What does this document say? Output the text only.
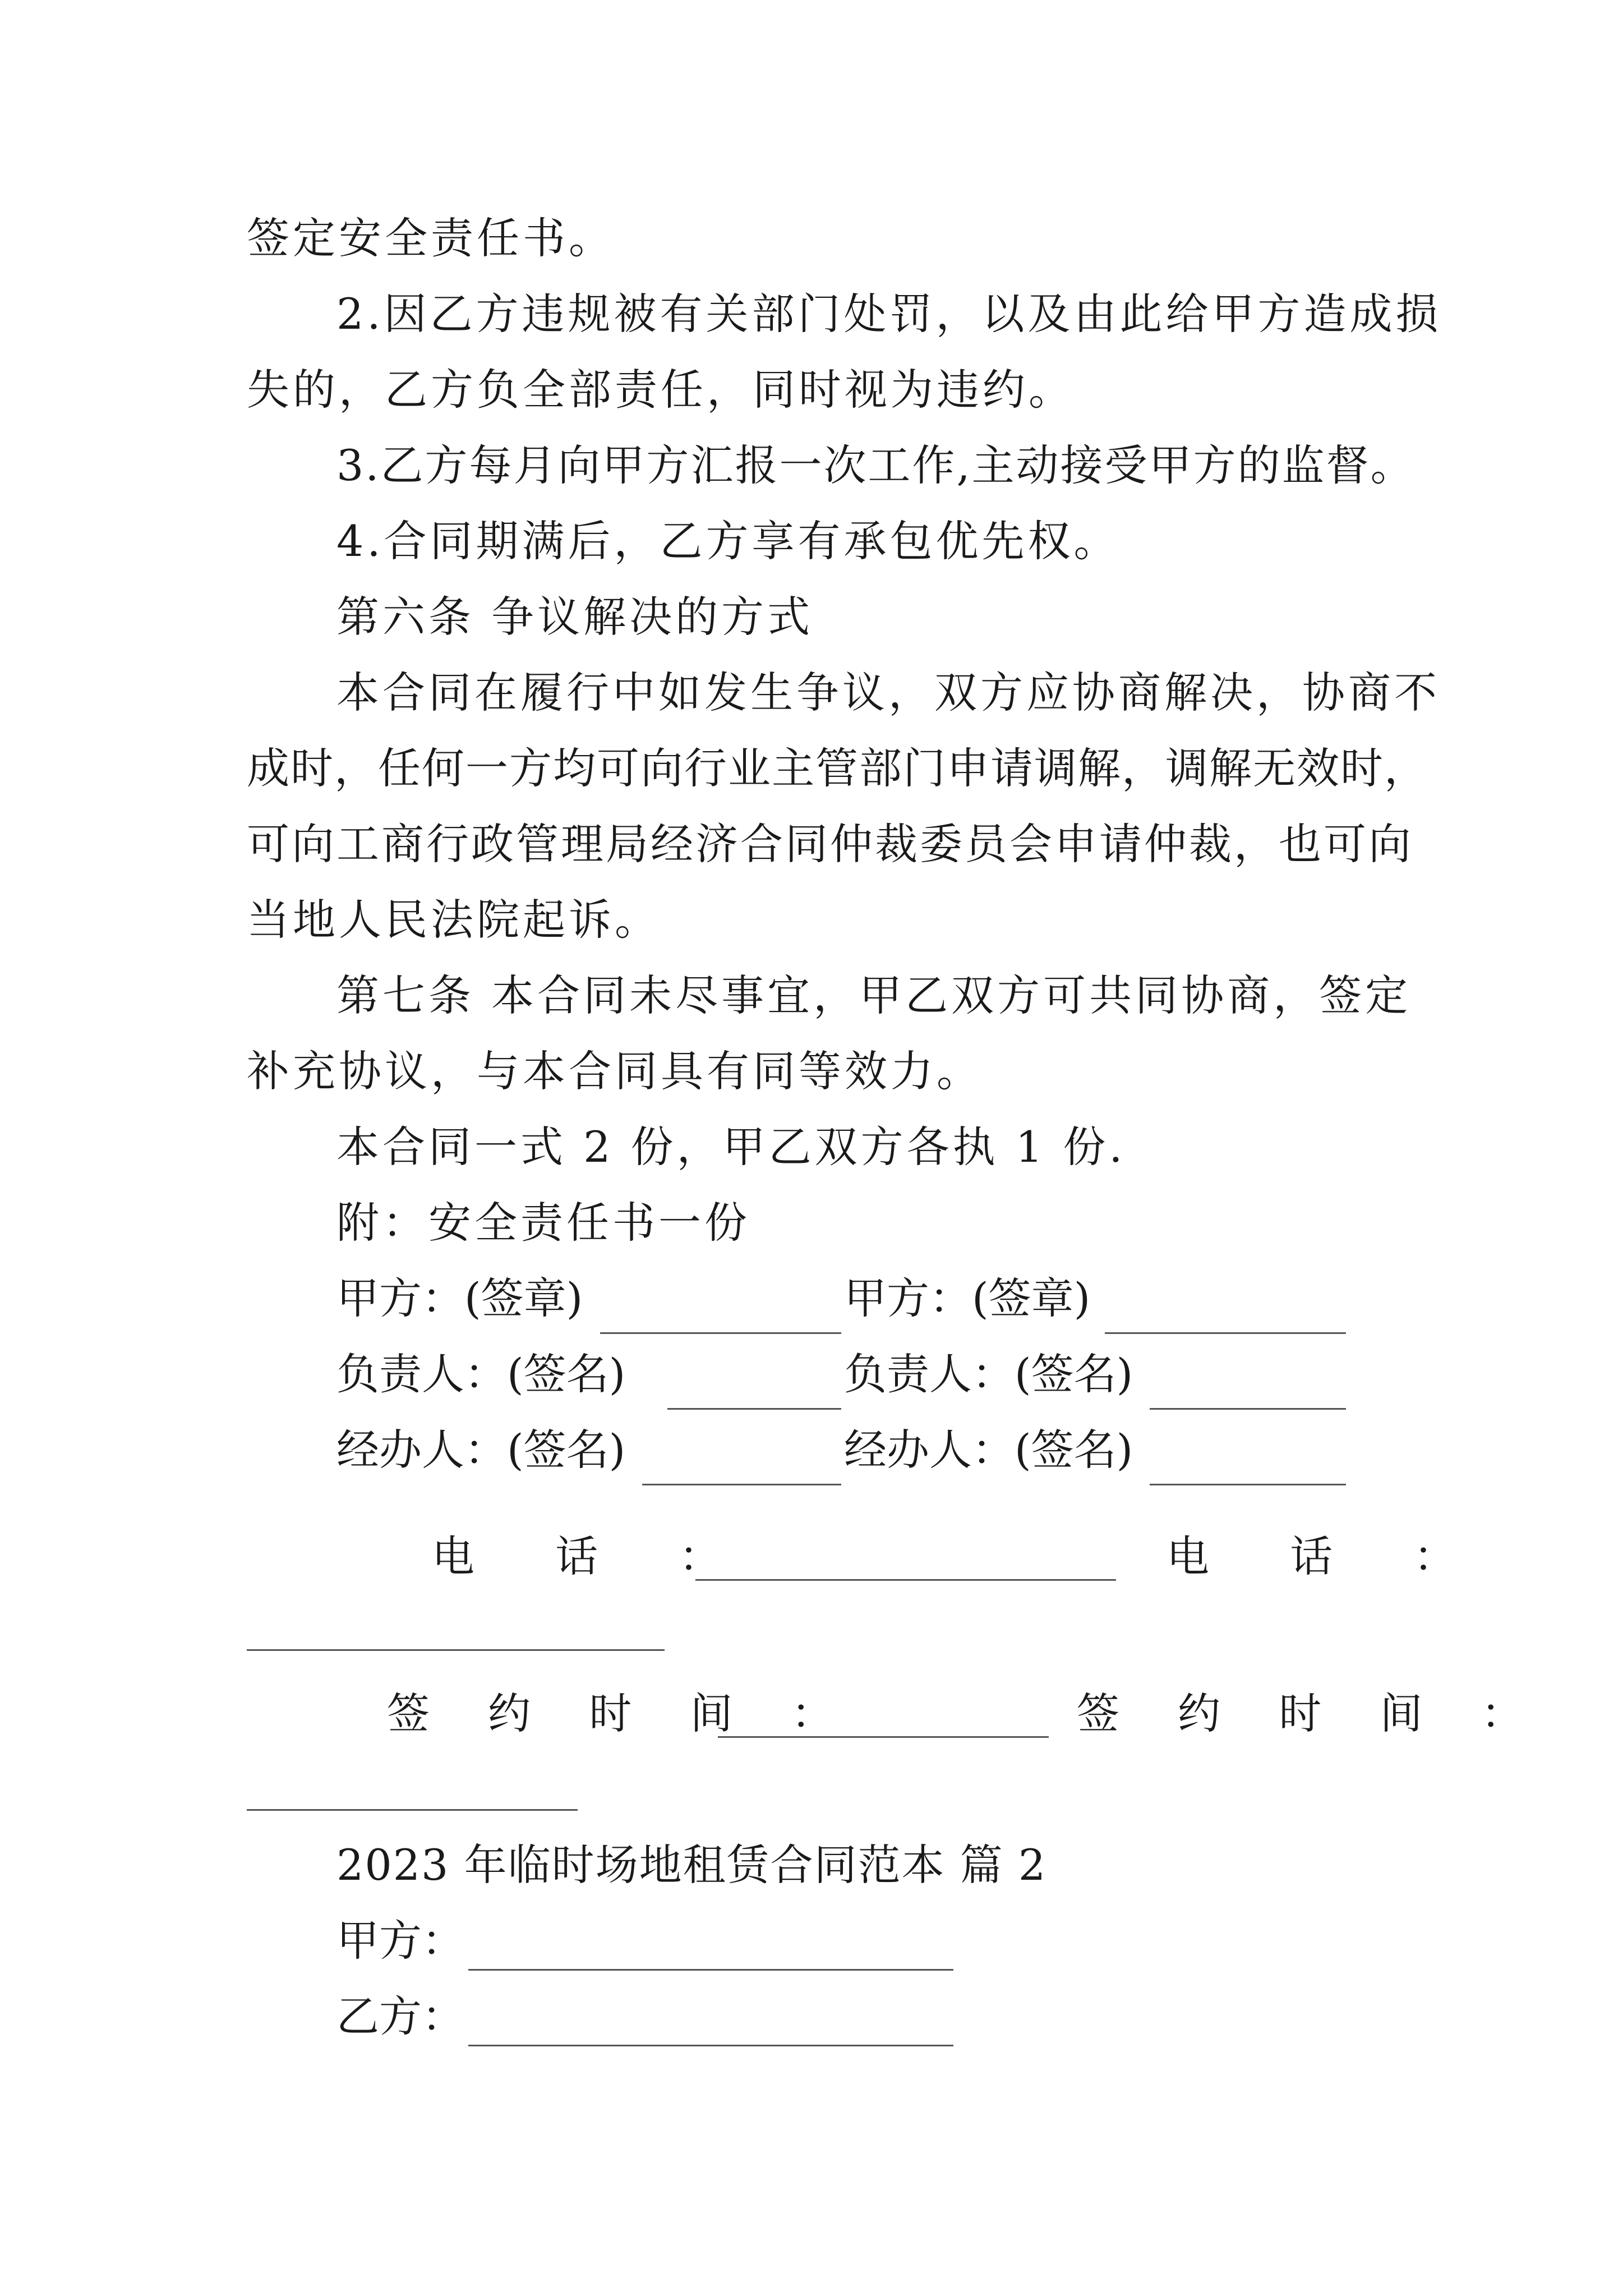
签定安全责任书。
2.因乙方违规被有关部门处罚，以及由此给甲方造成损
失的，乙方负全部责任，同时视为违约。
3.乙方每月向甲方汇报一次工作,主动接受甲方的监督。
4.合同期满后，乙方享有承包优先权。
第六条 争议解决的方式
本合同在履行中如发生争议，双方应协商解决，协商不
成时，任何一方均可向行业主管部门申请调解，调解无效时，
可向工商行政管理局经济合同仲裁委员会申请仲裁，也可向
当地人民法院起诉。
第七条 本合同未尽事宜，甲乙双方可共同协商，签定
补充协议，与本合同具有同等效力。
本合同一式 2 份，甲乙双方各执 1 份.
附：安全责任书一份
甲方：(签章)	甲方：(签章)
负责人：(签名)	负责人：(签名)
经办人：(签名)	经办人：(签名)
电 话 ：	电 话 ：
签 约 时 间 ：	签 约 时 间 ：
2023 年临时场地租赁合同范本 篇 2
甲方：
乙方：
